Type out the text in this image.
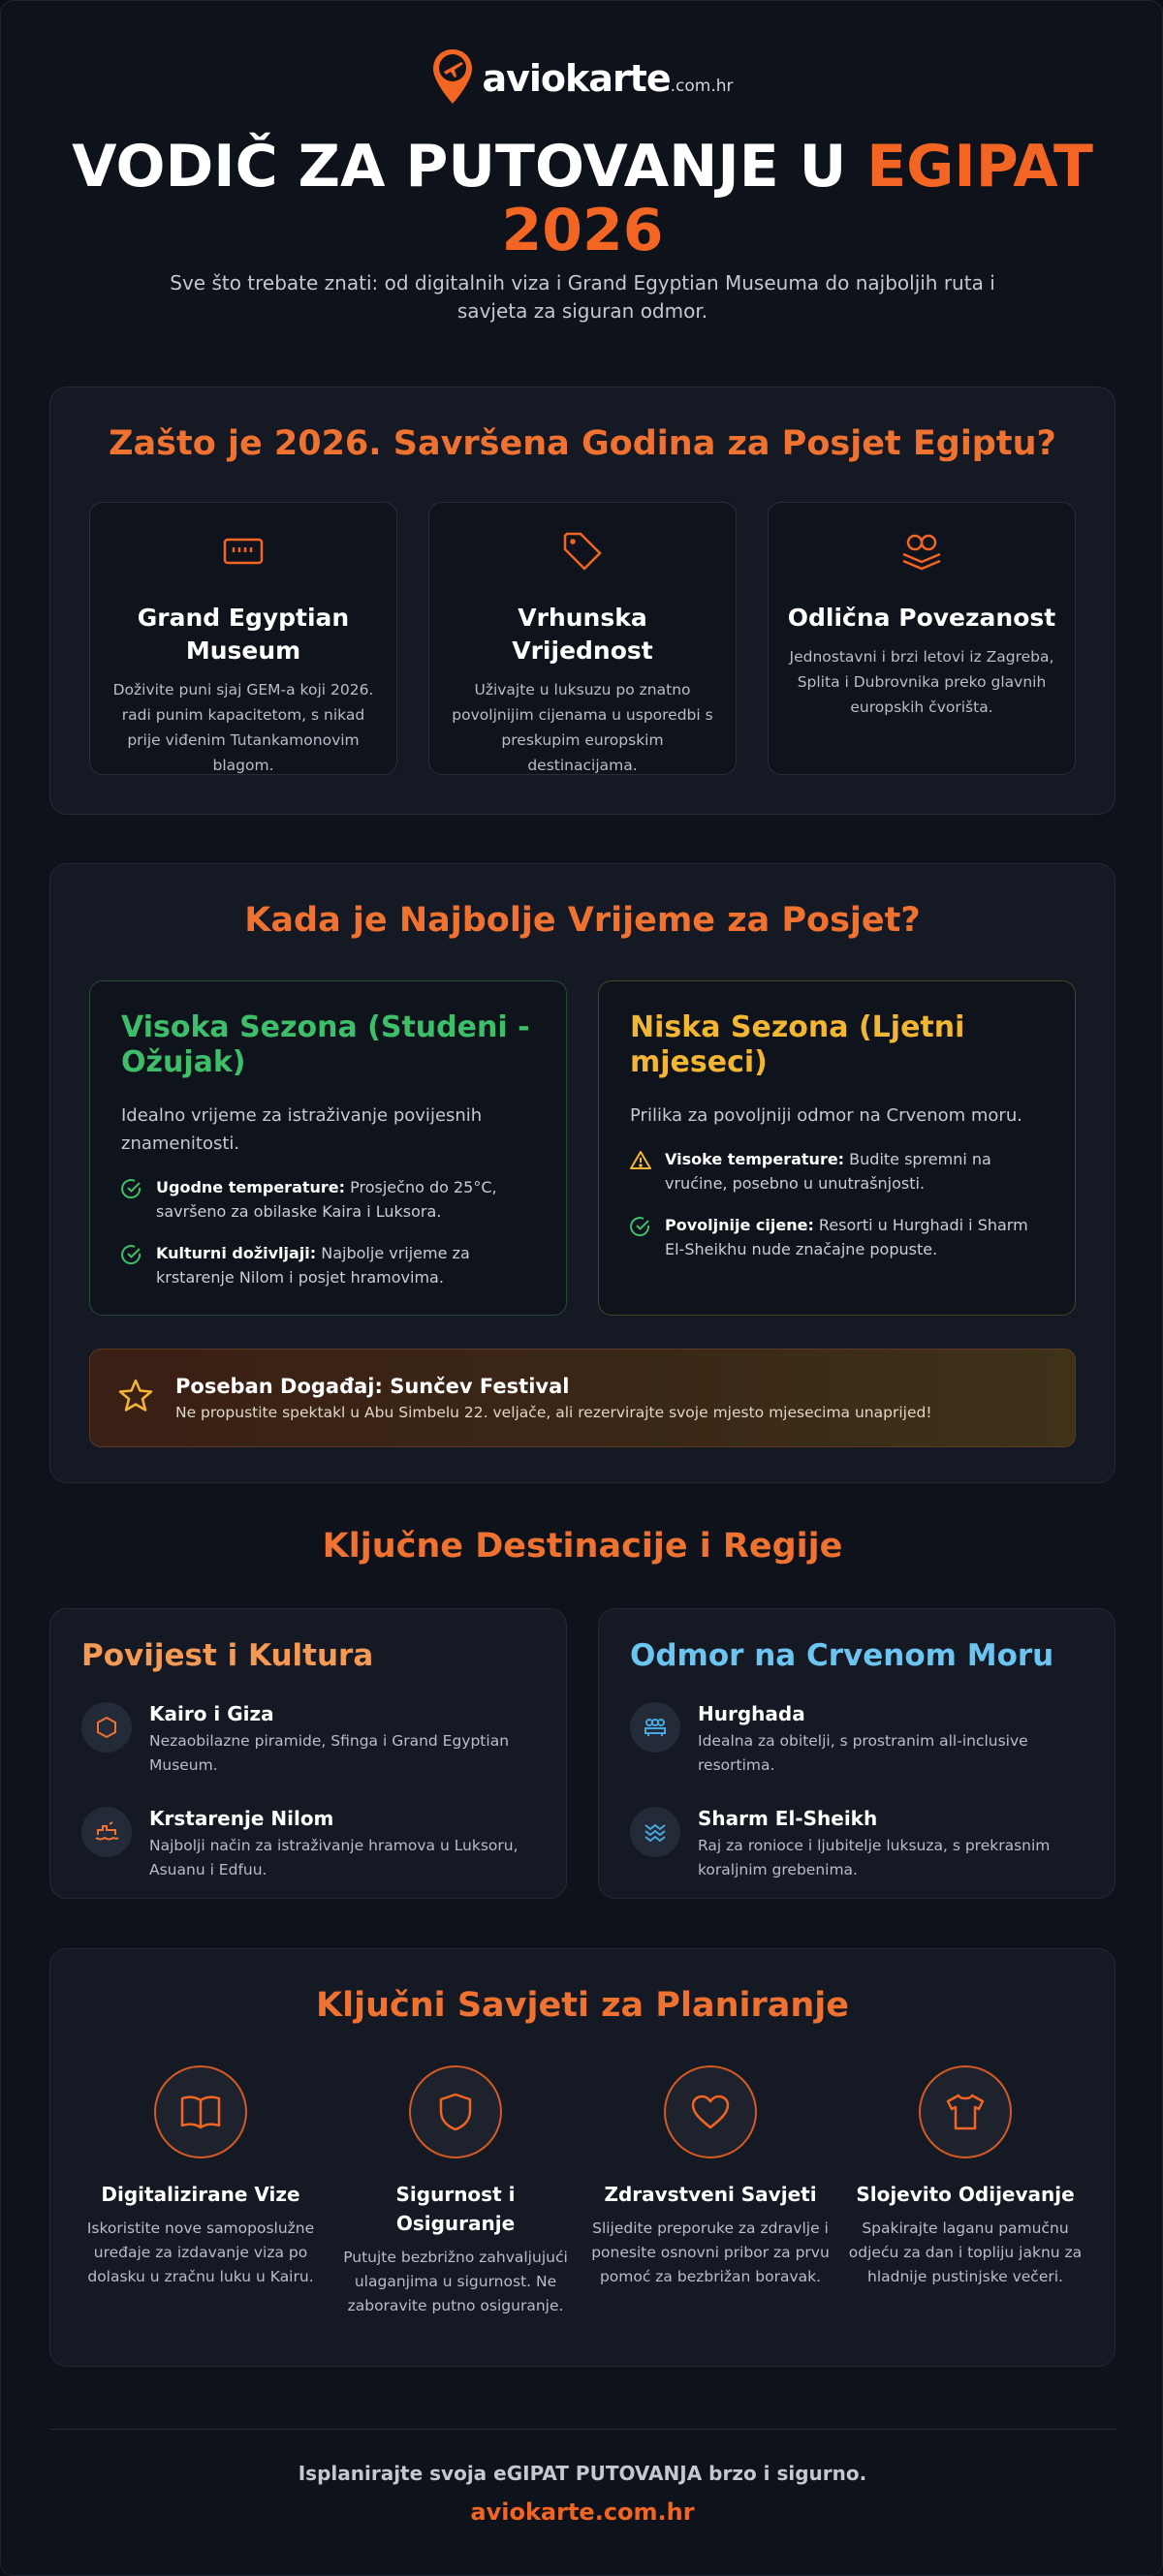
aviokarte.com.hr
VODIČ ZA PUTOVANJE U EGIPAT
2026

Sve što trebate znati: od digitalnih viza i Grand Egyptian Museuma do najboljih ruta i savjeta za siguran odmor.

Zašto je 2026. Savršena Godina za Posjet Egiptu?
Grand Egyptian Museum

Doživite puni sjaj GEM-a koji 2026. radi punim kapacitetom, s nikad prije viđenim Tutankamonovim blagom.

Vrhunska Vrijednost

Uživajte u luksuzu po znatno povoljnijim cijenama u usporedbi s preskupim europskim destinacijama.

Odlična Povezanost

Jednostavni i brzi letovi iz Zagreba, Splita i Dubrovnika preko glavnih europskih čvorišta.

Kada je Najbolje Vrijeme za Posjet?
Visoka Sezona (Studeni - Ožujak)

Idealno vrijeme za istraživanje povijesnih znamenitosti.

Ugodne temperature: Prosječno do 25°C, savršeno za obilaske Kaira i Luksora.
Kulturni doživljaji: Najbolje vrijeme za krstarenje Nilom i posjet hramovima.
Niska Sezona (Ljetni mjeseci)

Prilika za povoljniji odmor na Crvenom moru.

Visoke temperature: Budite spremni na vrućine, posebno u unutrašnjosti.
Povoljnije cijene: Resorti u Hurghadi i Sharm El-Sheikhu nude značajne popuste.
Poseban Događaj: Sunčev Festival

Ne propustite spektakl u Abu Simbelu 22. veljače, ali rezervirajte svoje mjesto mjesecima unaprijed!

Ključne Destinacije i Regije
Povijest i Kultura
Kairo i Giza

Nezaobilazne piramide, Sfinga i Grand Egyptian Museum.

Krstarenje Nilom

Najbolji način za istraživanje hramova u Luksoru, Asuanu i Edfuu.

Odmor na Crvenom Moru
Hurghada

Idealna za obitelji, s prostranim all-inclusive resortima.

Sharm El-Sheikh

Raj za ronioce i ljubitelje luksuza, s prekrasnim koraljnim grebenima.

Ključni Savjeti za Planiranje
Digitalizirane Vize

Iskoristite nove samoposlužne uređaje za izdavanje viza po dolasku u zračnu luku u Kairu.

Sigurnost i Osiguranje

Putujte bezbrižno zahvaljujući ulaganjima u sigurnost. Ne zaboravite putno osiguranje.

Zdravstveni Savjeti

Slijedite preporuke za zdravlje i ponesite osnovni pribor za prvu pomoć za bezbrižan boravak.

Slojevito Odijevanje

Spakirajte laganu pamučnu odjeću za dan i topliju jaknu za hladnije pustinjske večeri.

Isplanirajte svoja eGIPAT PUTOVANJA brzo i sigurno.

aviokarte.com.hr
